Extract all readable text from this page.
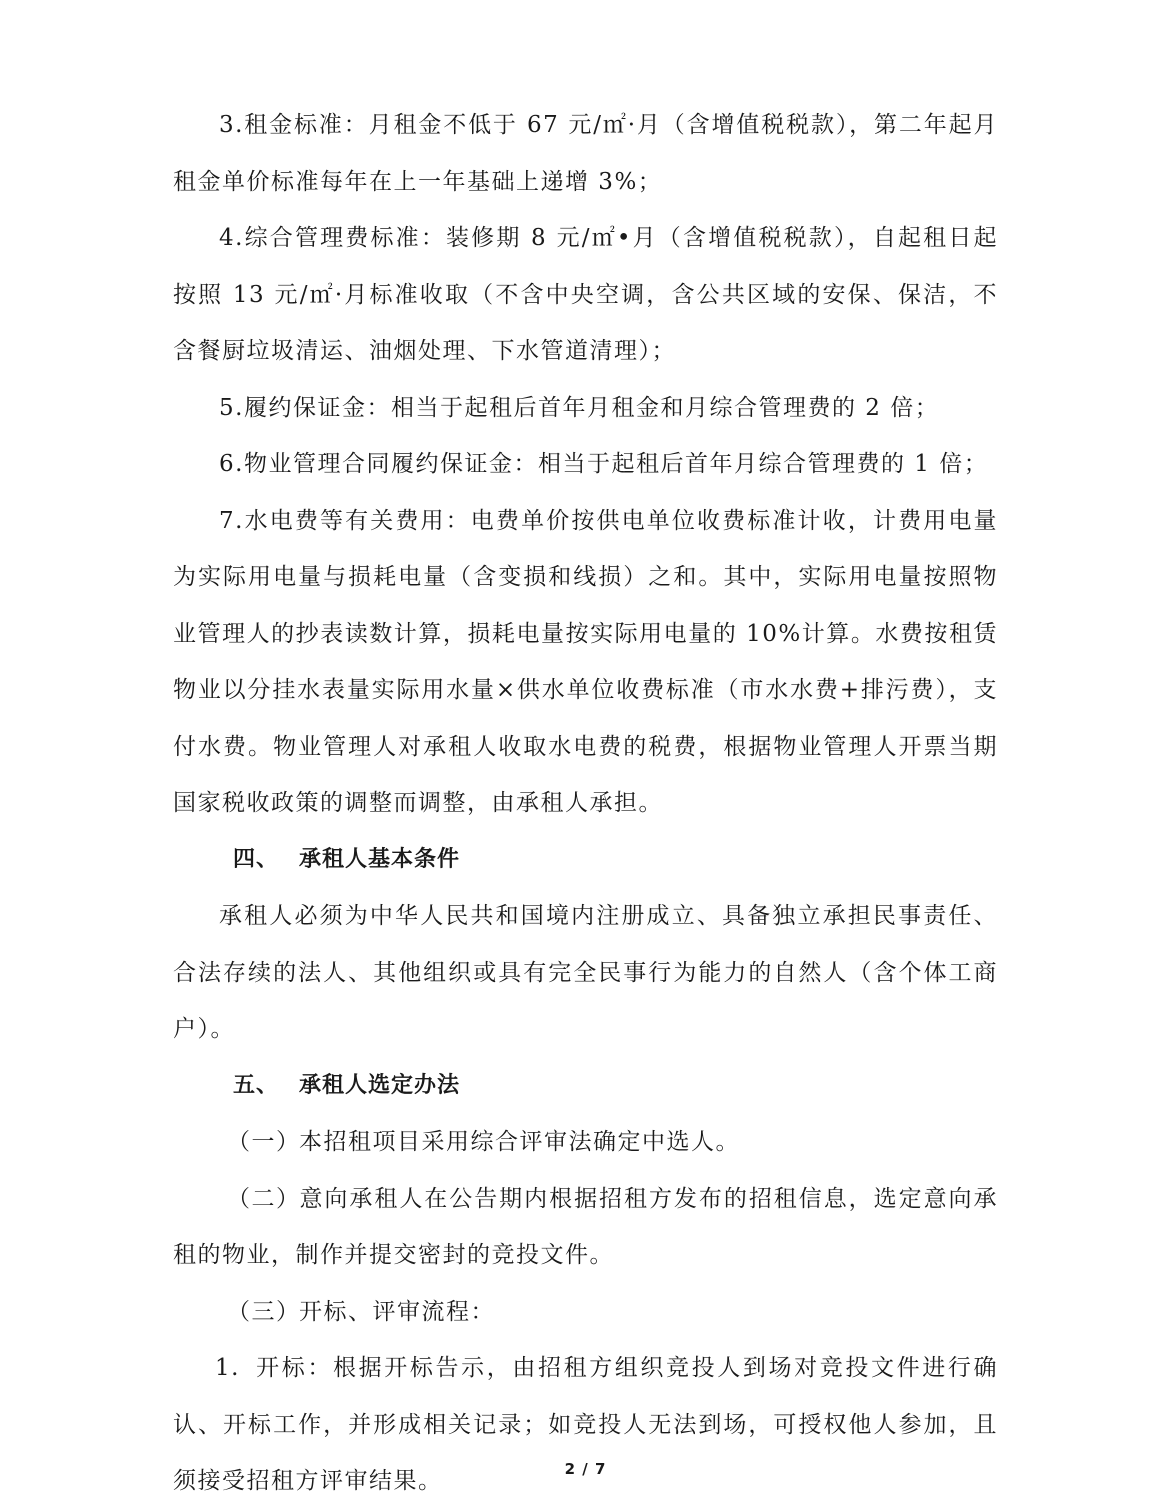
3.租金标准：月租金不低于 67 元/㎡·月（含增值税税款），第二年起月租金单价标准每年在上一年基础上递增 3%；

4.综合管理费标准：装修期 8 元/㎡•月（含增值税税款），自起租日起按照 13 元/㎡·月标准收取（不含中央空调，含公共区域的安保、保洁，不含餐厨垃圾清运、油烟处理、下水管道清理）；

5.履约保证金：相当于起租后首年月租金和月综合管理费的 2 倍；

6.物业管理合同履约保证金：相当于起租后首年月综合管理费的 1 倍；

7.水电费等有关费用：电费单价按供电单位收费标准计收，计费用电量为实际用电量与损耗电量（含变损和线损）之和。其中，实际用电量按照物业管理人的抄表读数计算，损耗电量按实际用电量的 10%计算。水费按租赁物业以分挂水表量实际用水量×供水单位收费标准（市水水费+排污费），支付水费。物业管理人对承租人收取水电费的税费，根据物业管理人开票当期国家税收政策的调整而调整，由承租人承担。

四、 承租人基本条件

承租人必须为中华人民共和国境内注册成立、具备独立承担民事责任、合法存续的法人、其他组织或具有完全民事行为能力的自然人（含个体工商户）。

五、 承租人选定办法

（一）本招租项目采用综合评审法确定中选人。

（二）意向承租人在公告期内根据招租方发布的招租信息，选定意向承租的物业，制作并提交密封的竞投文件。

（三）开标、评审流程：

1. 开标：根据开标告示，由招租方组织竞投人到场对竞投文件进行确认、开标工作，并形成相关记录；如竞投人无法到场，可授权他人参加，且须接受招租方评审结果。	2 / 7
